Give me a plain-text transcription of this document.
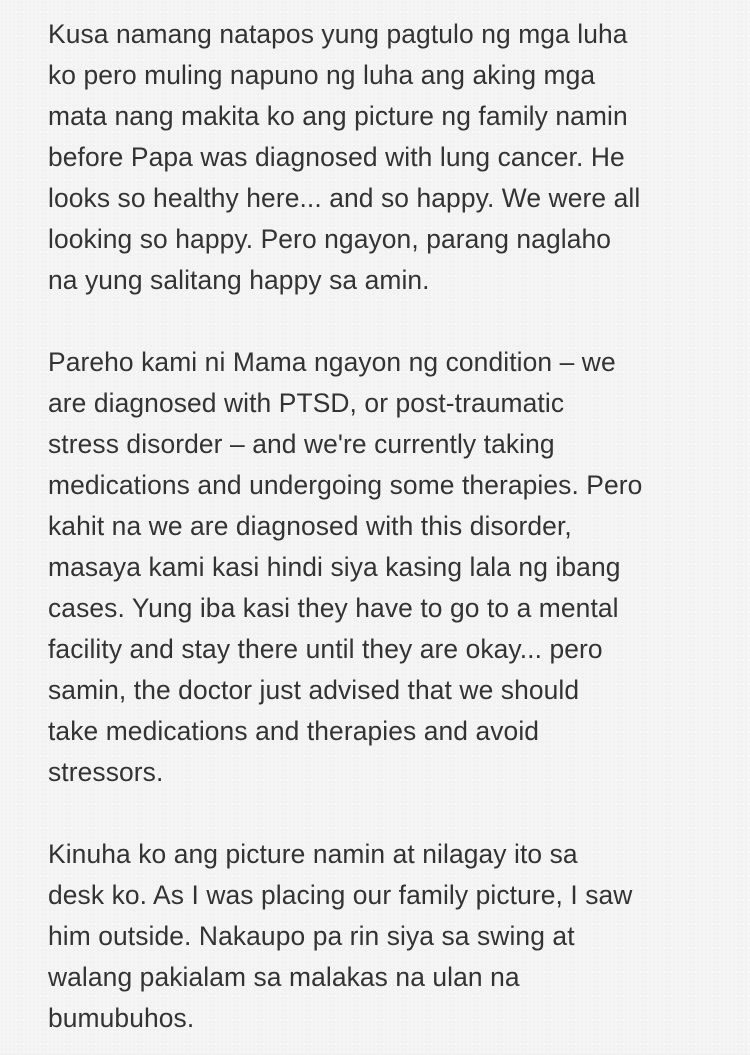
Kusa namang natapos yung pagtulo ng mga luha
ko pero muling napuno ng luha ang aking mga
mata nang makita ko ang picture ng family namin
before Papa was diagnosed with lung cancer. He
looks so healthy here... and so happy. We were all
looking so happy. Pero ngayon, parang naglaho
na yung salitang happy sa amin.

Pareho kami ni Mama ngayon ng condition – we
are diagnosed with PTSD, or post-traumatic
stress disorder – and we're currently taking
medications and undergoing some therapies. Pero
kahit na we are diagnosed with this disorder,
masaya kami kasi hindi siya kasing lala ng ibang
cases. Yung iba kasi they have to go to a mental
facility and stay there until they are okay... pero
samin, the doctor just advised that we should
take medications and therapies and avoid
stressors.

Kinuha ko ang picture namin at nilagay ito sa
desk ko. As I was placing our family picture, I saw
him outside. Nakaupo pa rin siya sa swing at
walang pakialam sa malakas na ulan na
bumubuhos.
